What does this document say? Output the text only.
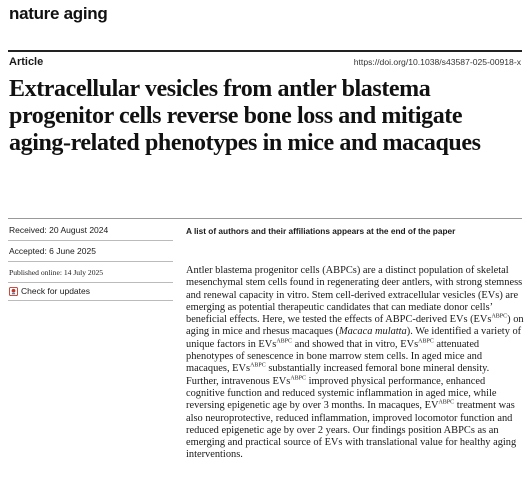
nature aging
Article	https://doi.org/10.1038/s43587-025-00918-x
Extracellular vesicles from antler blastema progenitor cells reverse bone loss and mitigate aging-related phenotypes in mice and macaques
Received: 20 August 2024
Accepted: 6 June 2025
Published online: 14 July 2025
Check for updates
A list of authors and their affiliations appears at the end of the paper

Antler blastema progenitor cells (ABPCs) are a distinct population of skeletal mesenchymal stem cells found in regenerating deer antlers, with strong stemness and renewal capacity in vitro. Stem cell-derived extracellular vesicles (EVs) are emerging as potential therapeutic candidates that can mediate donor cells’ beneficial effects. Here, we tested the effects of ABPC-derived EVs (EVs$^{ABPC}$) on aging in mice and rhesus macaques (Macaca mulatta). We identified a variety of unique factors in EVs$^{ABPC}$ and showed that in vitro, EVs$^{ABPC}$ attenuated phenotypes of senescence in bone marrow stem cells. In aged mice and macaques, EVs$^{ABPC}$ substantially increased femoral bone mineral density. Further, intravenous EVs$^{ABPC}$ improved physical performance, enhanced cognitive function and reduced systemic inflammation in aged mice, while reversing epigenetic age by over 3 months. In macaques, $EV^{ABPC}$ treatment was also neuroprotective, reduced inflammation, improved locomotor function and reduced epigenetic age by over 2 years. Our findings position ABPCs as an emerging and practical source of EVs with translational value for healthy aging interventions.
